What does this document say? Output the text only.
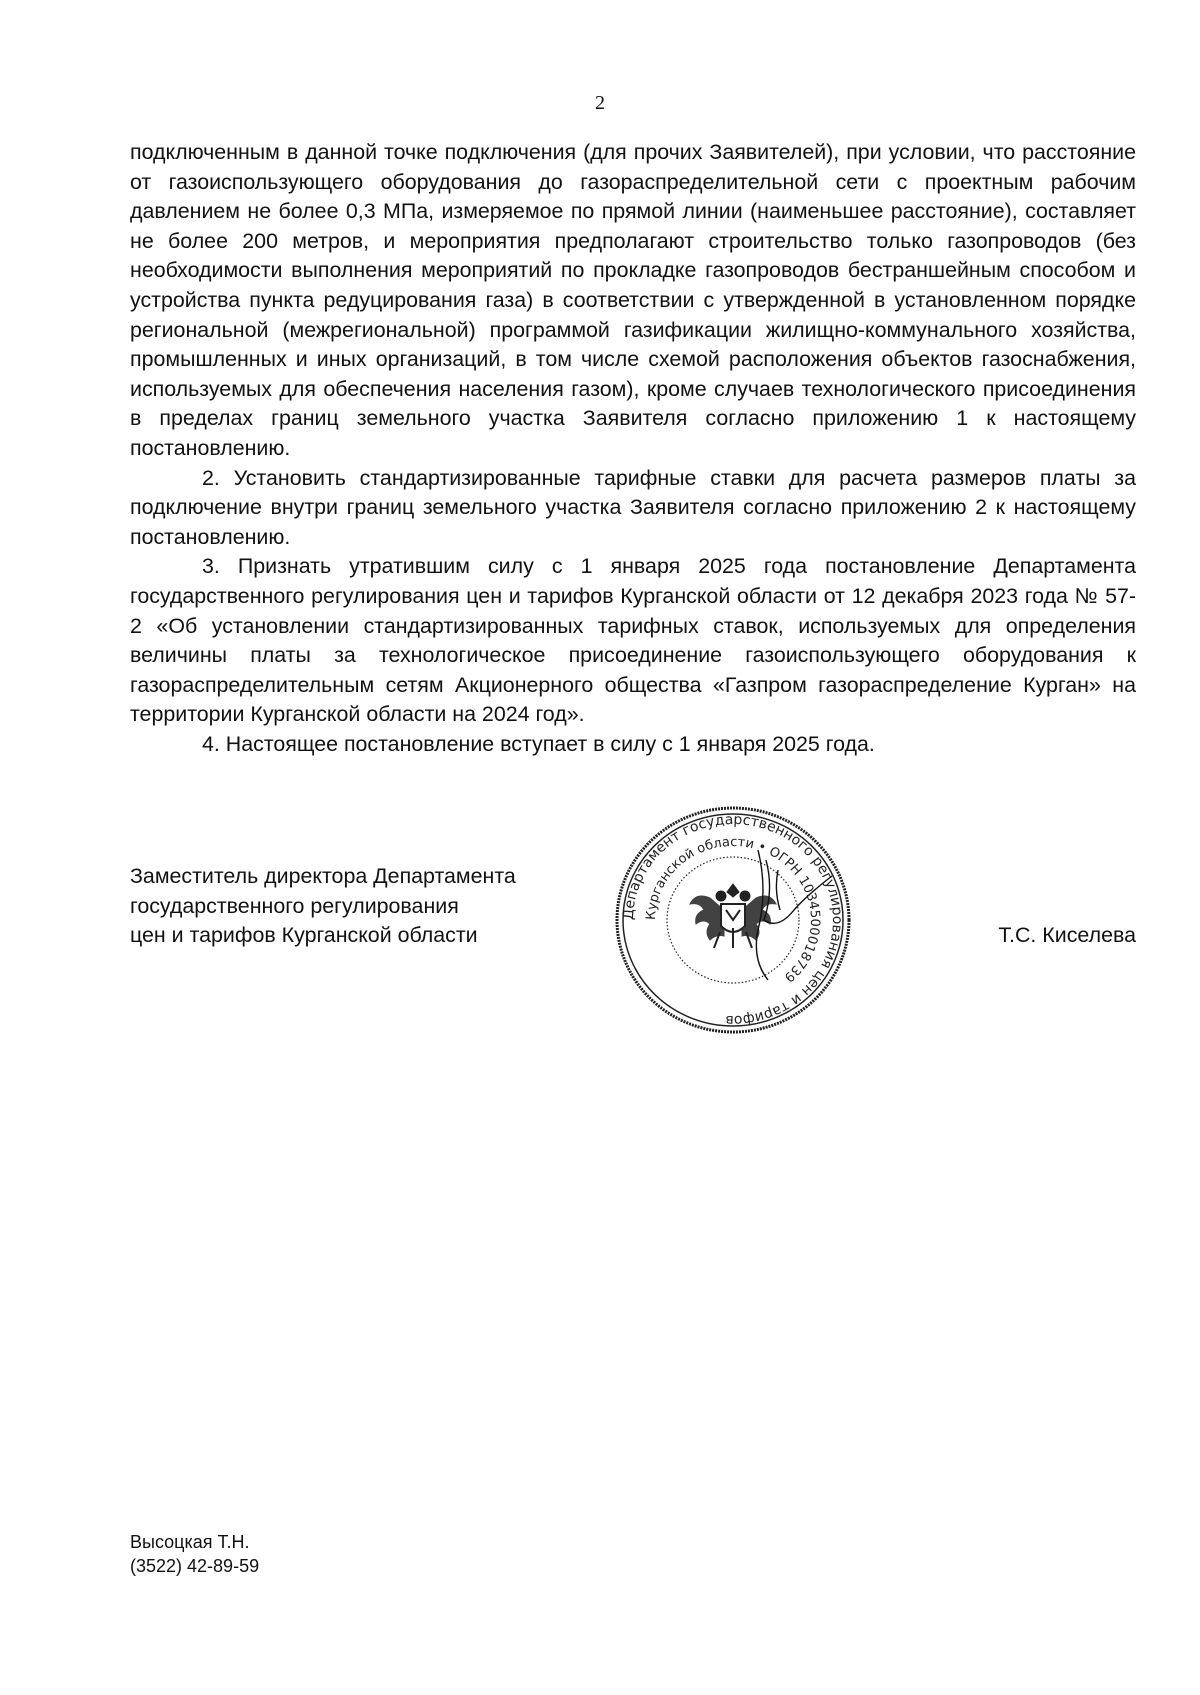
2

подключенным в данной точке подключения (для прочих Заявителей), при условии, что расстояние от газоиспользующего оборудования до газораспределительной сети с проектным рабочим давлением не более 0,3 МПа, измеряемое по прямой линии (наименьшее расстояние), составляет не более 200 метров, и мероприятия предполагают строительство только газопроводов (без необходимости выполнения мероприятий по прокладке газопроводов бестраншейным способом и устройства пункта редуцирования газа) в соответствии с утвержденной в установленном порядке региональной (межрегиональной) программой газификации жилищно-коммунального хозяйства, промышленных и иных организаций, в том числе схемой расположения объектов газоснабжения, используемых для обеспечения населения газом), кроме случаев технологического присоединения в пределах границ земельного участка Заявителя согласно приложению 1 к настоящему постановлению.

2. Установить стандартизированные тарифные ставки для расчета размеров платы за подключение внутри границ земельного участка Заявителя согласно приложению 2 к настоящему постановлению.

3. Признать утратившим силу с 1 января 2025 года постановление Департамента государственного регулирования цен и тарифов Курганской области от 12 декабря 2023 года № 57-2 «Об установлении стандартизированных тарифных ставок, используемых для определения величины платы за технологическое присоединение газоиспользующего оборудования к газораспределительным сетям Акционерного общества «Газпром газораспределение Курган» на территории Курганской области на 2024 год».

4. Настоящее постановление вступает в силу с 1 января 2025 года.

Заместитель директора Департамента
государственного регулирования
цен и тарифов Курганской области
Департамент государственного регулирования цен и тарифов
Курганской области • ОГРН 1034500018739
Т.С. Киселева
Высоцкая Т.Н.
(3522) 42-89-59
